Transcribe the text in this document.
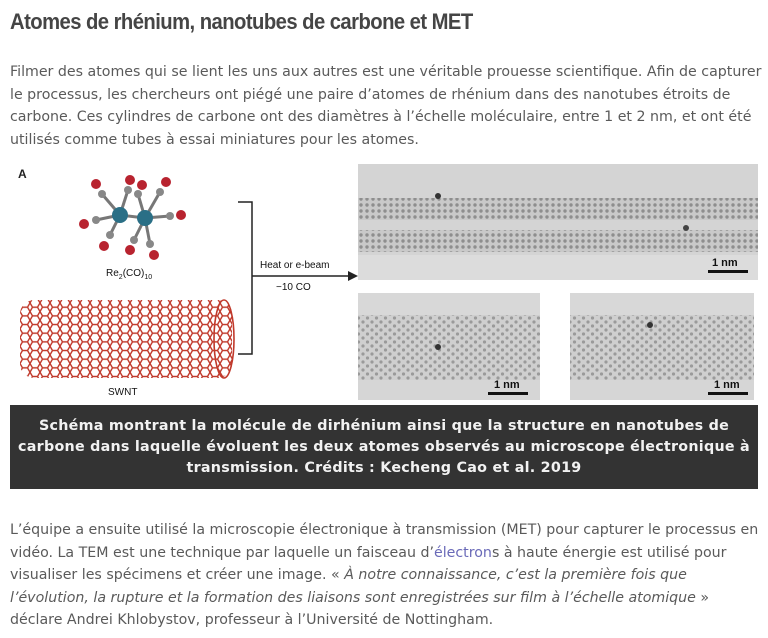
Atomes de rhénium, nanotubes de carbone et MET

Filmer des atomes qui se lient les uns aux autres est une véritable prouesse scientifique. Afin de capturer le processus, les chercheurs ont piégé une paire d’atomes de rhénium dans des nanotubes étroits de carbone. Ces cylindres de carbone ont des diamètres à l’échelle moléculaire, entre 1 et 2 nm, et ont été utilisés comme tubes à essai miniatures pour les atomes.

A
$Re_2(CO)_{10}$
SWNT
Heat or e-beam
−10 CO
1 nm
1 nm	1 nm
Schéma montrant la molécule de dirhénium ainsi que la structure en nanotubes de carbone dans laquelle évoluent les deux atomes observés au microscope électronique à transmission. Crédits : Kecheng Cao et al. 2019

L’équipe a ensuite utilisé la microscopie électronique à transmission (MET) pour capturer le processus en vidéo. La TEM est une technique par laquelle un faisceau d’électrons à haute énergie est utilisé pour visualiser les spécimens et créer une image. « À notre connaissance, c’est la première fois que l’évolution, la rupture et la formation des liaisons sont enregistrées sur film à l’échelle atomique » déclare Andrei Khlobystov, professeur à l’Université de Nottingham.
